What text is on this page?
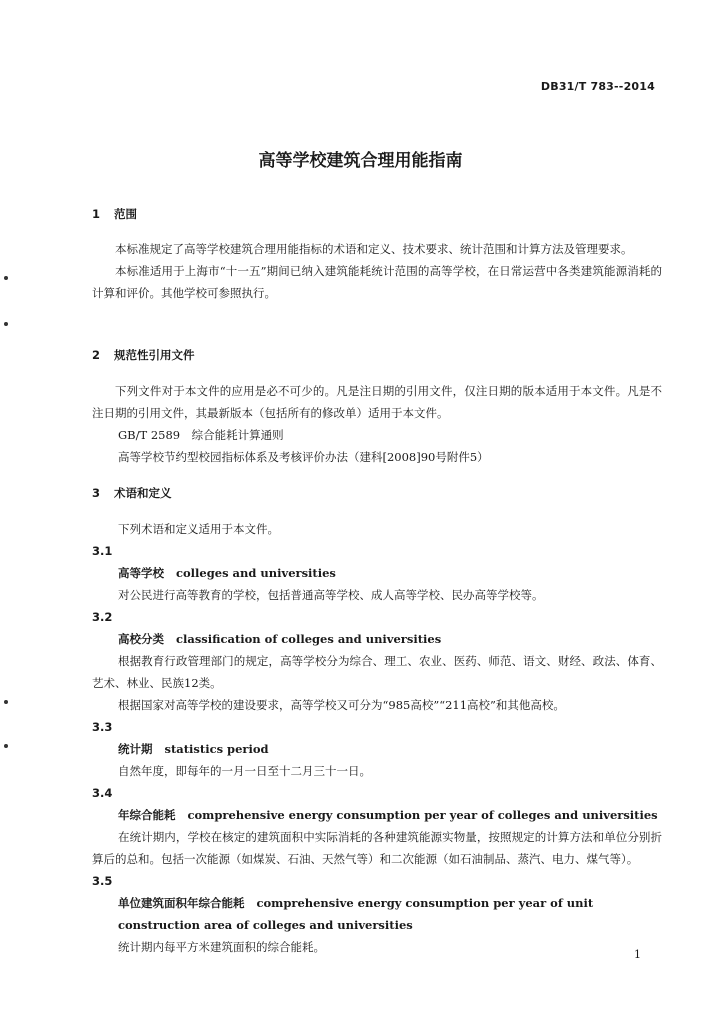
DB31/T 783--2014
高等学校建筑合理用能指南
1 范围

本标准规定了高等学校建筑合理用能指标的术语和定义、技术要求、统计范围和计算方法及管理要求。

本标准适用于上海市“十一五”期间已纳入建筑能耗统计范围的高等学校，在日常运营中各类建筑能源消耗的计算和评价。其他学校可参照执行。

2 规范性引用文件

下列文件对于本文件的应用是必不可少的。凡是注日期的引用文件，仅注日期的版本适用于本文件。凡是不注日期的引用文件，其最新版本（包括所有的修改单）适用于本文件。

GB/T 2589　综合能耗计算通则
高等学校节约型校园指标体系及考核评价办法（建科[2008]90号附件5）
3 术语和定义
下列术语和定义适用于本文件。
3.1
高等学校 colleges and universities

对公民进行高等教育的学校，包括普通高等学校、成人高等学校、民办高等学校等。

3.2
高校分类 classification of colleges and universities

根据教育行政管理部门的规定，高等学校分为综合、理工、农业、医药、师范、语文、财经、政法、体育、艺术、林业、民族12类。

根据国家对高等学校的建设要求，高等学校又可分为“985高校”“211高校”和其他高校。

3.3
统计期 statistics period

自然年度，即每年的一月一日至十二月三十一日。

3.4
年综合能耗 comprehensive energy consumption per year of colleges and universities

在统计期内，学校在核定的建筑面积中实际消耗的各种建筑能源实物量，按照规定的计算方法和单位分别折算后的总和。包括一次能源（如煤炭、石油、天然气等）和二次能源（如石油制品、蒸汽、电力、煤气等）。

3.5
单位建筑面积年综合能耗 comprehensive energy consumption per year of unit construction area of colleges and universities

统计期内每平方米建筑面积的综合能耗。

1
